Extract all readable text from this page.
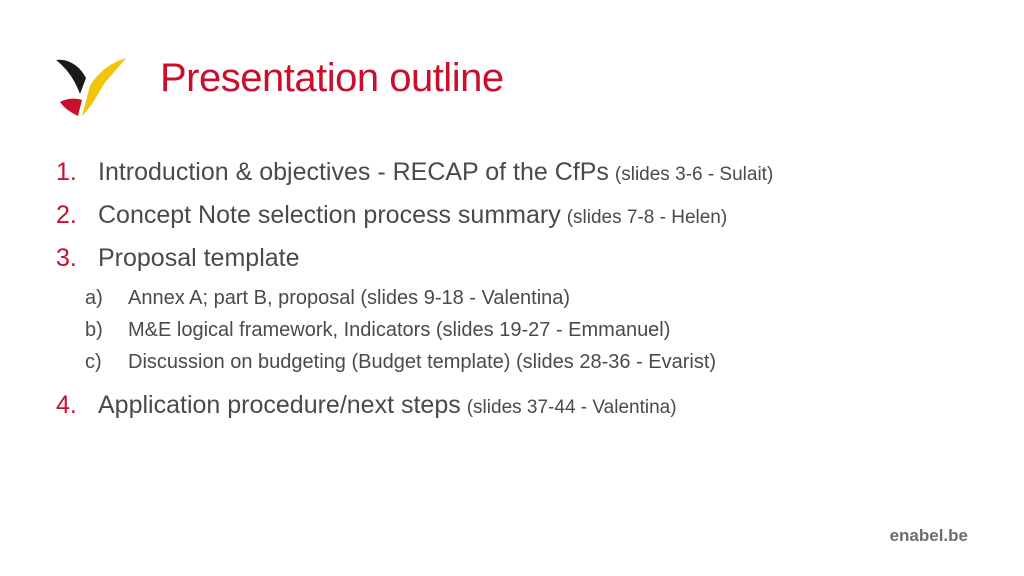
Presentation outline
1. Introduction & objectives - RECAP of the CfPs (slides 3-6 - Sulait)
2. Concept Note selection process summary (slides 7-8 - Helen)
3. Proposal template
a)	Annex A; part B, proposal (slides 9-18 - Valentina)
b)	M&E logical framework, Indicators (slides 19-27 - Emmanuel)
c)	Discussion on budgeting (Budget template) (slides 28-36 - Evarist)
4. Application procedure/next steps (slides 37-44 - Valentina)
enabel.be
